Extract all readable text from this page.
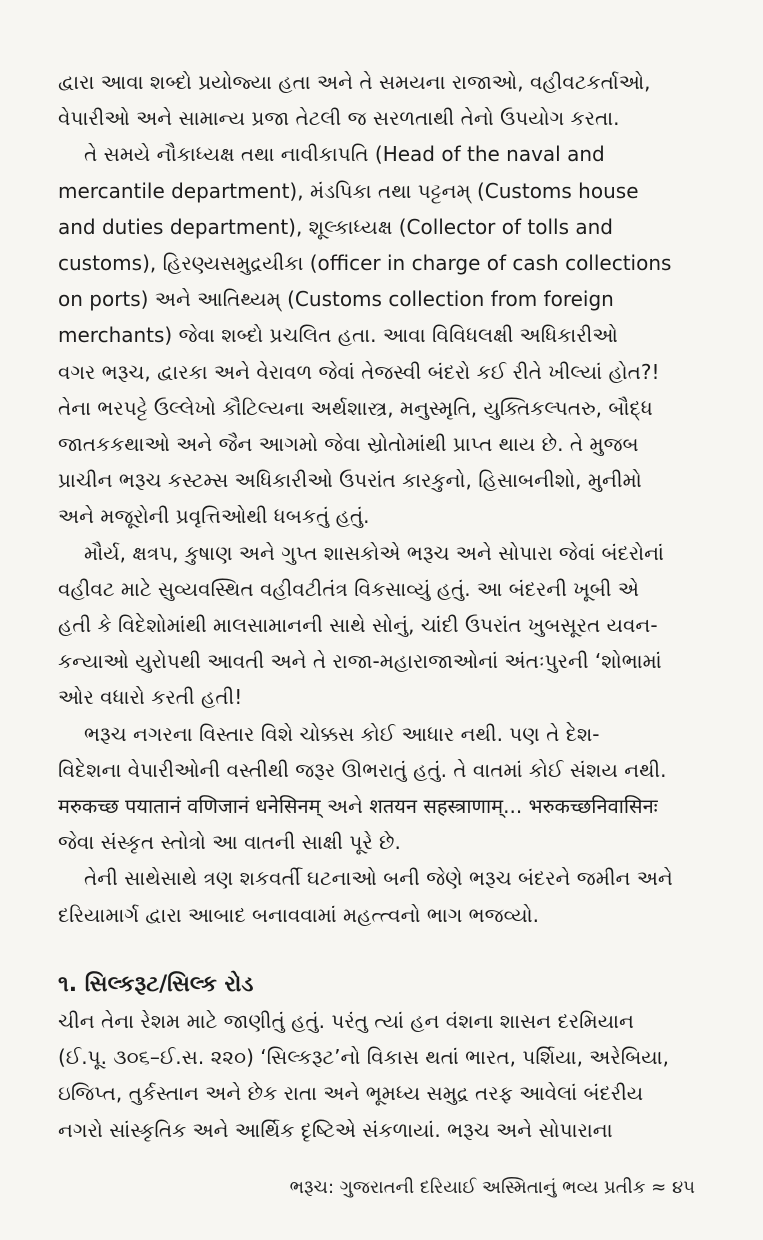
દ્વારા આવા શબ્દો પ્રયોજ્યા હતા અને તે સમયના રાજાઓ, વહીવટકર્તાઓ,
વેપારીઓ અને સામાન્ય પ્રજા તેટલી જ સરળતાથી તેનો ઉપયોગ કરતા.

તે સમયે નૌકાધ્યક્ષ તથા નાવીકાપતિ (Head of the naval and
mercantile department), મંડપિકા તથા પટ્ટનમ્ (Customs house
and duties department), શૂલ્કાધ્યક્ષ (Collector of tolls and
customs), હિરણ્યસમુદ્રયીકા (officer in charge of cash collections
on ports) અને આતિથ્યમ્ (Customs collection from foreign
merchants) જેવા શબ્દો પ્રચલિત હતા. આવા વિવિધલક્ષી અધિકારીઓ
વગર ભરૂચ, દ્વારકા અને વેરાવળ જેવાં તેજસ્વી બંદરો કઈ રીતે ખીલ્યાં હોત?!
તેના ભરપટ્ટે ઉલ્લેખો કૌટિલ્યના અર્થશાસ્ત્ર, મનુસ્મૃતિ, યુક્તિકલ્પતરુ, બૌદ્ધ
જાતકકથાઓ અને જૈન આગમો જેવા સ્રોતોમાંથી પ્રાપ્ત થાય છે. તે મુજબ
પ્રાચીન ભરૂચ કસ્ટમ્સ અધિકારીઓ ઉપરાંત કારકુનો, હિસાબનીશો, મુનીમો
અને મજૂરોની પ્રવૃત્તિઓથી ધબકતું હતું.

મૌર્ય, ક્ષત્રપ, કુષાણ અને ગુપ્ત શાસકોએ ભરૂચ અને સોપારા જેવાં બંદરોનાં
વહીવટ માટે સુવ્યવસ્થિત વહીવટીતંત્ર વિકસાવ્યું હતું. આ બંદરની ખૂબી એ
હતી કે વિદેશોમાંથી માલસામાનની સાથે સોનું, ચાંદી ઉપરાંત ખુબસૂરત યવન-
કન્યાઓ યુરોપથી આવતી અને તે રાજા-મહારાજાઓનાં અંતઃપુરની ‘શોભામાં
ઓર વધારો કરતી હતી!

ભરૂચ નગરના વિસ્તાર વિશે ચોક્કસ કોઈ આધાર નથી. પણ તે દેશ-
વિદેશના વેપારીઓની વસ્તીથી જરૂર ઊભરાતું હતું. તે વાતમાં કોઈ સંશય નથી.
मरुकच्छ पयातानं वणिजानं धनेसिनम् અને शतयन सहस्त्राणाम्... भरुकच्छनिवासिनः
જેવા સંસ્કૃત સ્તોત્રો આ વાતની સાક્ષી પૂરે છે.

તેની સાથેસાથે ત્રણ શકવર્તી ઘટનાઓ બની જેણે ભરૂચ બંદરને જમીન અને
દરિયામાર્ગ દ્વારા આબાદ બનાવવામાં મહત્ત્વનો ભાગ ભજવ્યો.

૧. સિલ્કરૂટ/સિલ્ક રોડ

ચીન તેના રેશમ માટે જાણીતું હતું. પરંતુ ત્યાં હન વંશના શાસન દરમિયાન
(ઈ.પૂ. ૩૦૬–ઈ.સ. ૨૨૦) ‘સિલ્કરૂટ’નો વિકાસ થતાં ભારત, પર્શિયા, અરેબિયા,
ઇજિપ્ત, તુર્કસ્તાન અને છેક રાતા અને ભૂમધ્ય સમુદ્ર તરફ આવેલાં બંદરીય
નગરો સાંસ્કૃતિક અને આર્થિક દૃષ્ટિએ સંકળાયાં. ભરૂચ અને સોપારાના

ભરૂચ: ગુજરાતની દરિયાઈ અસ્મિતાનું ભવ્ય પ્રતીક ≈ ૪૫
